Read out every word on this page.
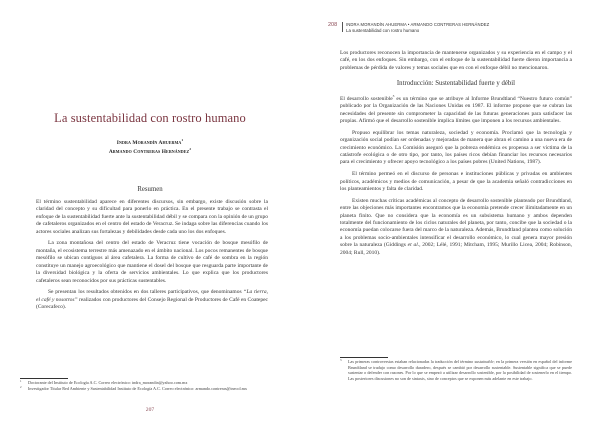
La sustentabilidad con rostro humano
Indra Morandín Ahuerma$^1$
Armando Contreras Hernández$^2$
Resumen

El término sustentabilidad aparece en diferentes discursos, sin embargo, existe discusión sobre la claridad del concepto y su dificultad para ponerlo en práctica. En el presente trabajo se contrasta el enfoque de la sustentabilidad fuerte ante la sustentabilidad débil y se compara con la opinión de un grupo de cafetaleros organizados en el centro del estado de Veracruz. Se indaga sobre las diferencias cuando los actores sociales analizan sus fortalezas y debilidades desde cada uno los dos enfoques.

La zona montañosa del centro del estado de Veracruz tiene vocación de bosque mesófilo de montaña, el ecosistema terrestre más amenazado en el ámbito nacional. Los pocos remanentes de bosque mesófilo se ubican contiguos al área cafetalera. La forma de cultivo de café de sombra en la región constituye un manejo agroecológico que mantiene el dosel del bosque que resguarda parte importante de la diversidad biológica y la oferta de servicios ambientales. Lo que explica que los productores cafetaleros sean reconocidos por sus prácticas sustentables.

Se presentan los resultados obtenidos en dos talleres participativos, que denominamos “La tierra, el café y nosotros” realizados con productores del Consejo Regional de Productores de Café en Coatepec (Corecafeco).

1 Doctorante del Instituto de Ecología A.C. Correo electrónico: indra_morandin@yahoo.com.mx
2 Investigador Titular Red Ambiente y Sustentabilidad Instituto de Ecología A.C. Correo electrónico: armando.contreras@inecol.mx
207
208 INDRA MORANDÍN AHUERMA • ARMANDO CONTRERAS HERNÁNDEZ
La sustentabilidad con rostro humano

Los productores reconocen la importancia de mantenerse organizados y su experiencia en el campo y el café, en los dos enfoques. Sin embargo, con el enfoque de la sustentabilidad fuerte dieron importancia a problemas de pérdida de valores y temas sociales que en con el enfoque débil no mencionaron.

Introducción: Sustentabilidad fuerte y débil

El desarrollo sostenible$^3$ es un término que se atribuye al Informe Brundtland “Nuestro futuro común” publicado por la Organización de las Naciones Unidas en 1987. El informe propone que se cubran las necesidades del presente sin comprometer la capacidad de las futuras generaciones para satisfacer las propias. Afirmó que el desarrollo sostenible implica límites que imponen a los recursos ambientales.

Propuso equilibrar los temas naturaleza, sociedad y economía. Proclamó que la tecnología y organización social podían ser ordenadas y mejoradas de manera que abran el camino a una nueva era de crecimiento económico. La Comisión aseguró que la pobreza endémica es propensa a ser víctima de la catástrofe ecológica o de otro tipo, por tanto, los países ricos debían financiar los recursos necesarios para el crecimiento y ofrecer apoyo tecnológico a los países pobres (United Nations, 1987).

El término permeó en el discurso de personas e instituciones públicas y privadas en ambientes políticos, académicos y medios de comunicación, a pesar de que la academia señaló contradicciones en los planteamientos y falta de claridad.

Existen muchas críticas académicas al concepto de desarrollo sostenible planteado por Brundtland, entre las objeciones más importantes encontramos que la economía pretende crecer ilimitadamente en un planeta finito. Que no considera que la economía es un subsistema humano y ambos dependen totalmente del funcionamiento de los ciclos naturales del planeta, por tanto, concibe que la sociedad o la economía puedan colocarse fuera del marco de la naturaleza. Además, Brundtland plantea como solución a los problemas socio-ambientales intensificar el desarrollo económico, lo cual genera mayor presión sobre la naturaleza (Giddings et al., 2002; Lélé, 1991; Mitcham, 1995; Murillo Licea, 2004; Robinson, 2004; Rull, 2010).

3 Las primeras controversias estaban relacionadas la traducción del término sustainable; en la primera versión en español del informe Brundtland se tradujo como desarrollo duradero, después se cambió por desarrollo sustentable. Sustentable significa que se puede sustentar o defender con razones. Por lo que se empezó a utilizar desarrollo sostenible, por la posibilidad de sostenerlo en el tiempo. Las posteriores discusiones no son de sintaxis, sino de conceptos que se exponen más adelante en este trabajo.
